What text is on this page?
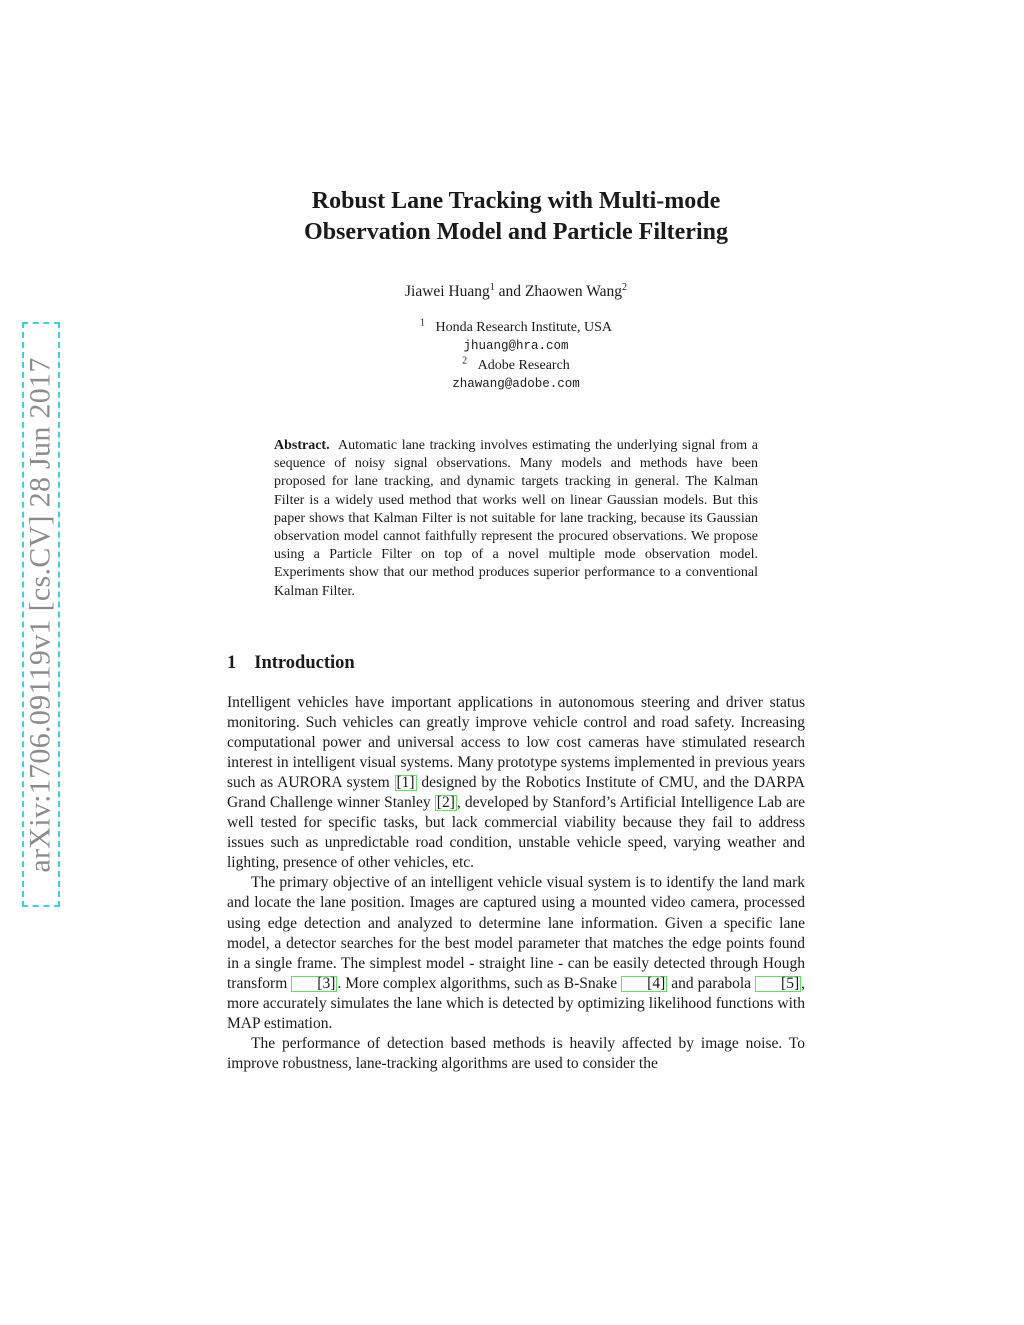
arXiv:1706.09119v1 [cs.CV] 28 Jun 2017
Robust Lane Tracking with Multi-mode
Observation Model and Particle Filtering
Jiawei Huang$^1$ and Zhaowen Wang$^2$
$^1$ Honda Research Institute, USA
jhuang@hra.com
$^2$ Adobe Research
zhawang@adobe.com
Abstract. Automatic lane tracking involves estimating the underlying signal from a sequence of noisy signal observations. Many models and methods have been proposed for lane tracking, and dynamic targets tracking in general. The Kalman Filter is a widely used method that works well on linear Gaussian models. But this paper shows that Kalman Filter is not suitable for lane tracking, because its Gaussian observation model cannot faithfully represent the procured observations. We propose using a Particle Filter on top of a novel multiple mode observation model. Experiments show that our method produces superior performance to a conventional Kalman Filter.
1 Introduction

Intelligent vehicles have important applications in autonomous steering and driver status monitoring. Such vehicles can greatly improve vehicle control and road safety. Increasing computational power and universal access to low cost cameras have stimulated research interest in intelligent visual systems. Many prototype systems implemented in previous years such as AURORA system [1] designed by the Robotics Institute of CMU, and the DARPA Grand Challenge winner Stanley [2] , developed by Stanford’s Artificial Intelligence Lab are well tested for specific tasks, but lack commercial viability because they fail to address issues such as unpredictable road condition, unstable vehicle speed, varying weather and lighting, presence of other vehicles, etc.

The primary objective of an intelligent vehicle visual system is to identify the land mark and locate the lane position. Images are captured using a mounted video camera, processed using edge detection and analyzed to determine lane information. Given a specific lane model, a detector searches for the best model parameter that matches the edge points found in a single frame. The simplest model - straight line - can be easily detected through Hough transform [3] . More complex algorithms, such as B-Snake [4] and parabola [5] , more accurately simulates the lane which is detected by optimizing likelihood functions with MAP estimation.

The performance of detection based methods is heavily affected by image noise. To improve robustness, lane-tracking algorithms are used to consider the
